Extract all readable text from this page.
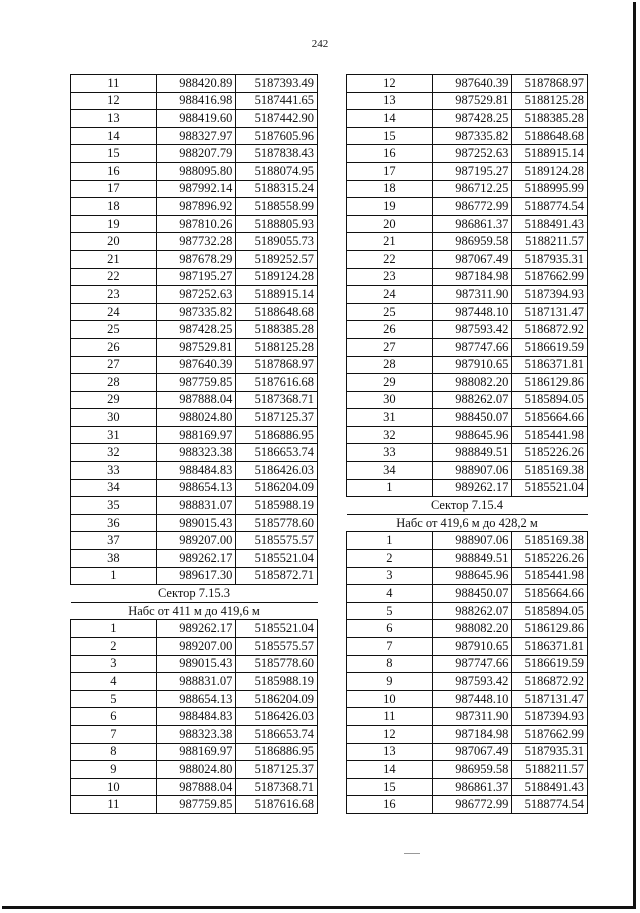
242
11	988420.89	5187393.49
12	988416.98	5187441.65
13	988419.60	5187442.90
14	988327.97	5187605.96
15	988207.79	5187838.43
16	988095.80	5188074.95
17	987992.14	5188315.24
18	987896.92	5188558.99
19	987810.26	5188805.93
20	987732.28	5189055.73
21	987678.29	5189252.57
22	987195.27	5189124.28
23	987252.63	5188915.14
24	987335.82	5188648.68
25	987428.25	5188385.28
26	987529.81	5188125.28
27	987640.39	5187868.97
28	987759.85	5187616.68
29	987888.04	5187368.71
30	988024.80	5187125.37
31	988169.97	5186886.95
32	988323.38	5186653.74
33	988484.83	5186426.03
34	988654.13	5186204.09
35	988831.07	5185988.19
36	989015.43	5185778.60
37	989207.00	5185575.57
38	989262.17	5185521.04
1	989617.30	5185872.71
Сектор 7.15.3		
Набс от 411 м до 419,6 м		
1	989262.17	5185521.04
2	989207.00	5185575.57
3	989015.43	5185778.60
4	988831.07	5185988.19
5	988654.13	5186204.09
6	988484.83	5186426.03
7	988323.38	5186653.74
8	988169.97	5186886.95
9	988024.80	5187125.37
10	987888.04	5187368.71
11	987759.85	5187616.68
12	987640.39	5187868.97
13	987529.81	5188125.28
14	987428.25	5188385.28
15	987335.82	5188648.68
16	987252.63	5188915.14
17	987195.27	5189124.28
18	986712.25	5188995.99
19	986772.99	5188774.54
20	986861.37	5188491.43
21	986959.58	5188211.57
22	987067.49	5187935.31
23	987184.98	5187662.99
24	987311.90	5187394.93
25	987448.10	5187131.47
26	987593.42	5186872.92
27	987747.66	5186619.59
28	987910.65	5186371.81
29	988082.20	5186129.86
30	988262.07	5185894.05
31	988450.07	5185664.66
32	988645.96	5185441.98
33	988849.51	5185226.26
34	988907.06	5185169.38
1	989262.17	5185521.04
Сектор 7.15.4		
Набс от 419,6 м до 428,2 м		
1	988907.06	5185169.38
2	988849.51	5185226.26
3	988645.96	5185441.98
4	988450.07	5185664.66
5	988262.07	5185894.05
6	988082.20	5186129.86
7	987910.65	5186371.81
8	987747.66	5186619.59
9	987593.42	5186872.92
10	987448.10	5187131.47
11	987311.90	5187394.93
12	987184.98	5187662.99
13	987067.49	5187935.31
14	986959.58	5188211.57
15	986861.37	5188491.43
16	986772.99	5188774.54
